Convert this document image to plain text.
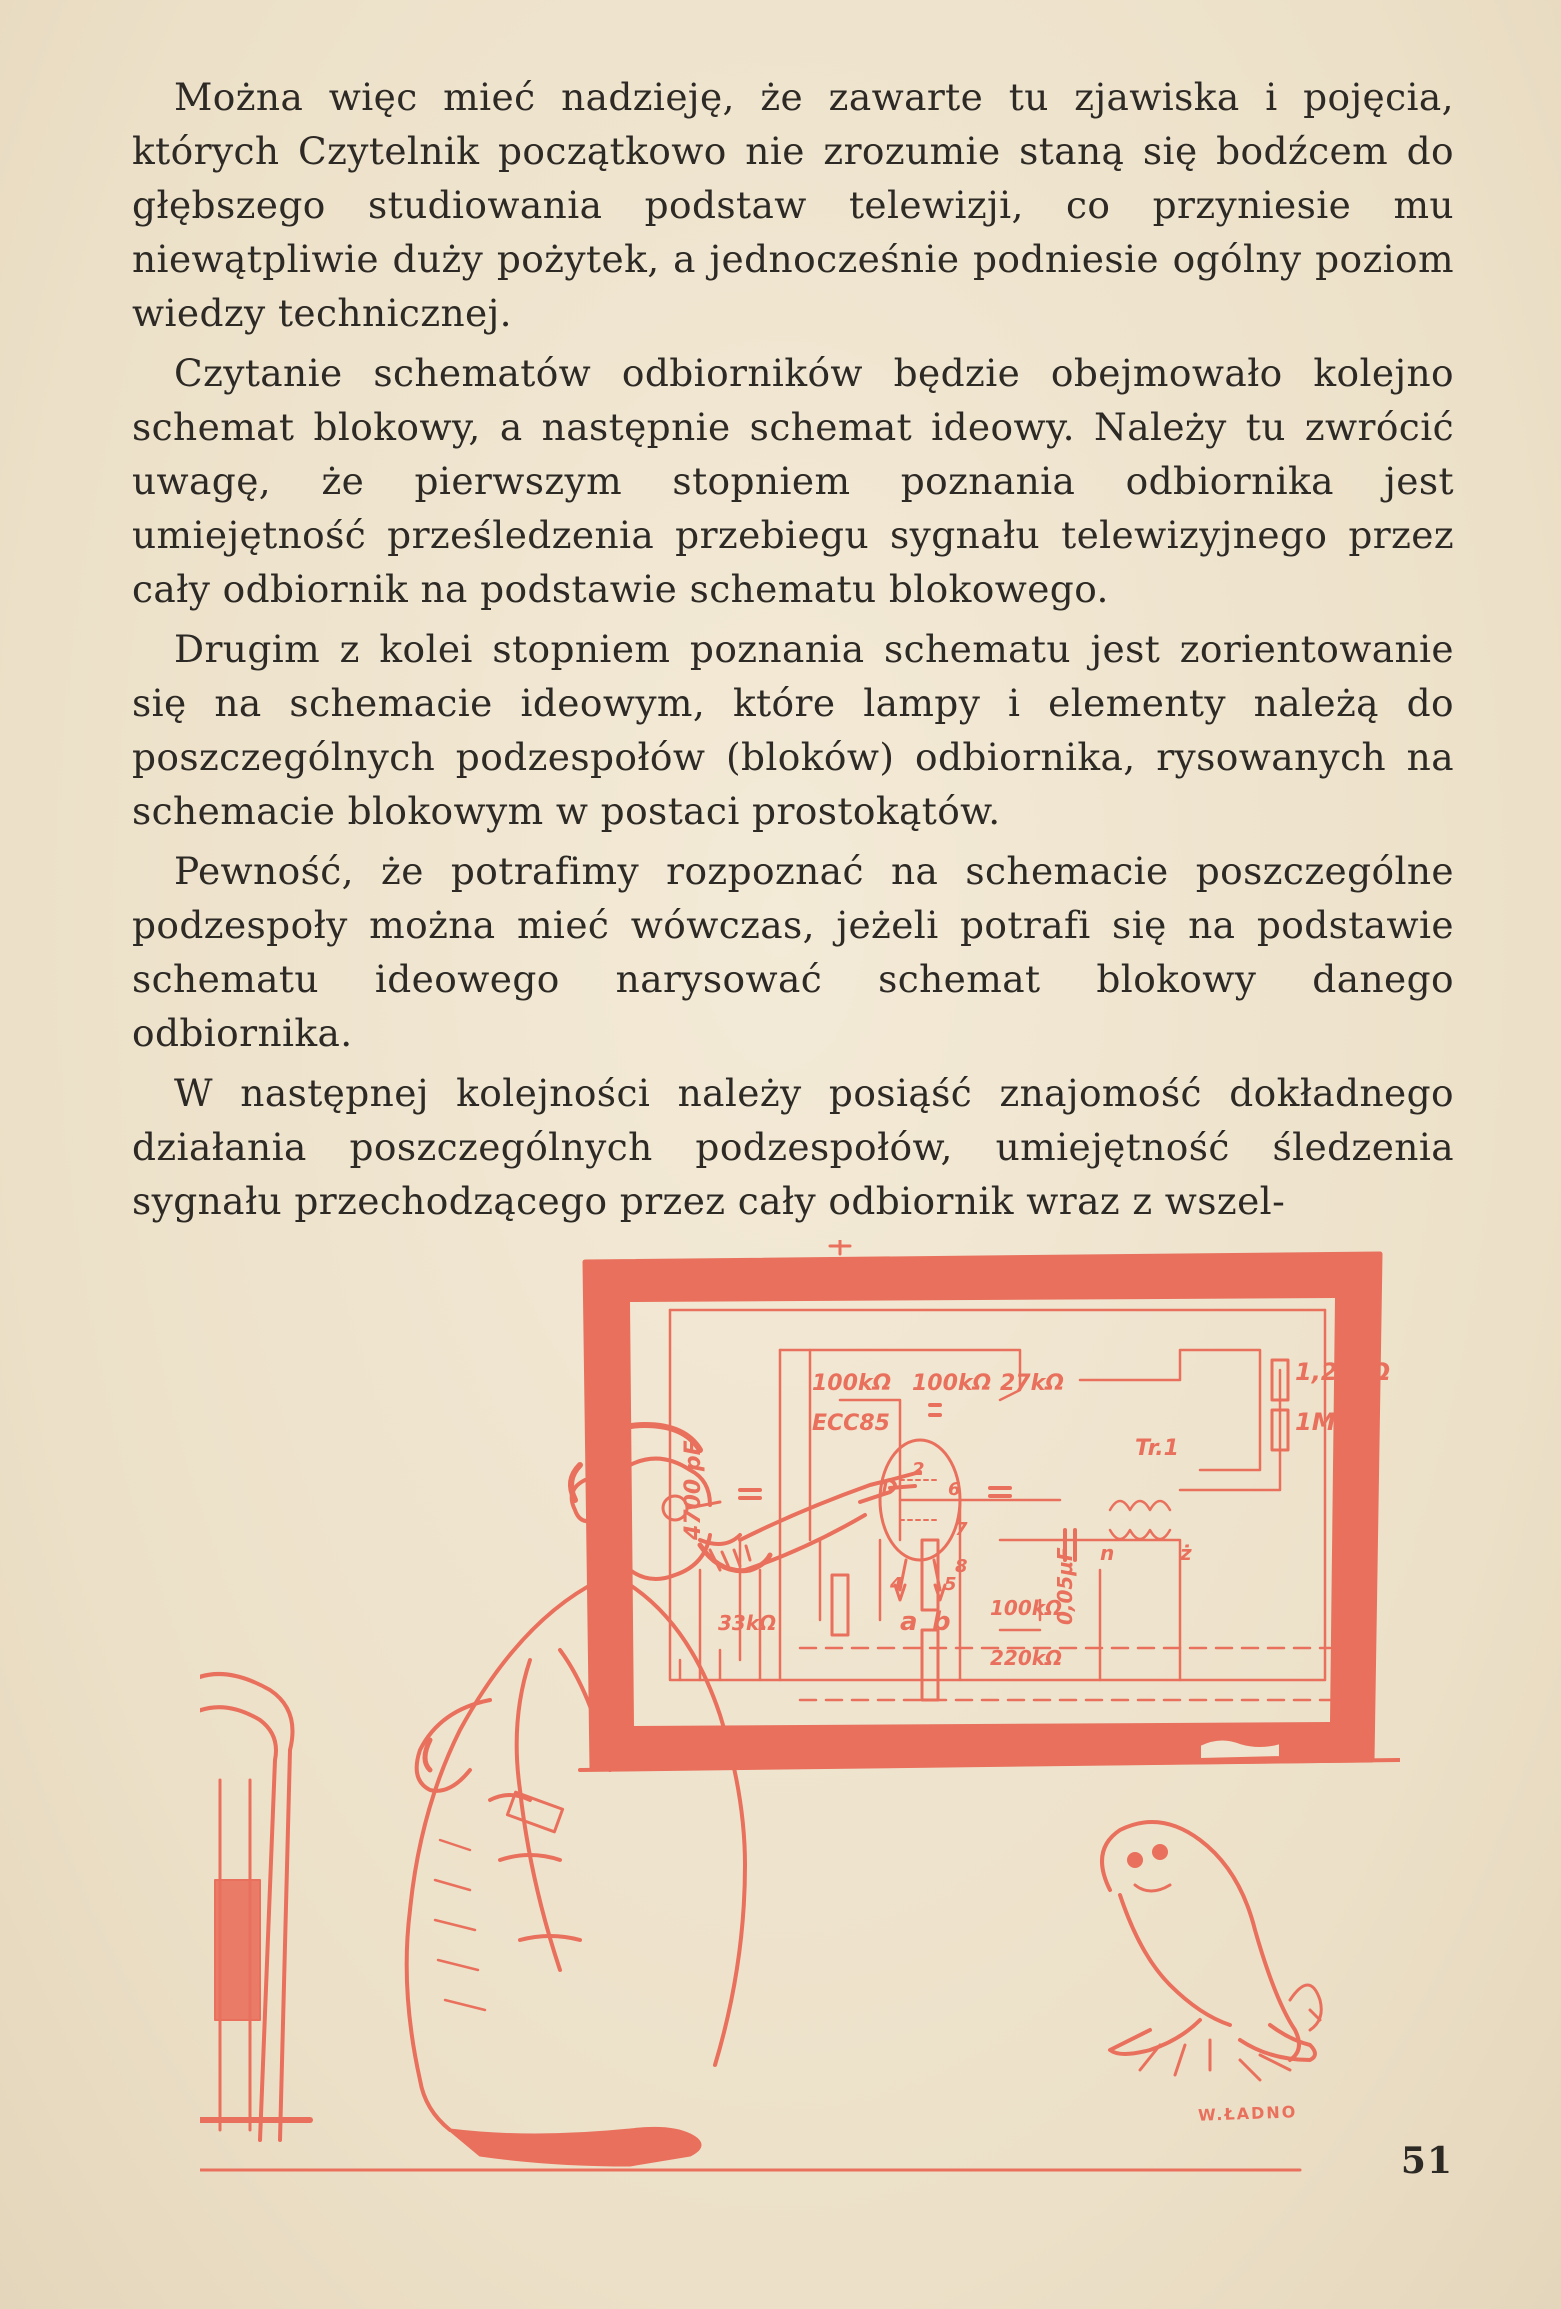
Można więc mieć nadzieję, że zawarte tu zjawiska i pojęcia, których Czytelnik początkowo nie zrozumie staną się bodźcem do głębszego studiowania podstaw telewizji, co przyniesie mu niewątpliwie duży pożytek, a jednocześnie podniesie ogólny poziom wiedzy technicznej.

Czytanie schematów odbiorników będzie obejmowało kolejno schemat blokowy, a następnie schemat ideowy. Należy tu zwrócić uwagę, że pierwszym stopniem poznania odbiornika jest umiejętność prześledzenia przebiegu sygnału telewizyjnego przez cały odbiornik na podstawie schematu blokowego.

Drugim z kolei stopniem poznania schematu jest zorientowanie się na schemacie ideowym, które lampy i elementy należą do poszczególnych podzespołów (bloków) odbiornika, rysowanych na schemacie blokowym w postaci prostokątów.

Pewność, że potrafimy rozpoznać na schemacie poszczególne podzespoły można mieć wówczas, jeżeli potrafi się na podstawie schematu ideowego narysować schemat blokowy danego odbiornika.

W następnej kolejności należy posiąść znajomość dokładnego działania poszczególnych podzespołów, umiejętność śledzenia sygnału przechodzącego przez cały odbiornik wraz z wszel-

100kΩ 100kΩ 27kΩ	1,2 MΩ
1MΩ
ECC85
4700 pF	Tr.1
33kΩ
100kΩ
220kΩ
0,05μF
a b
1
2
4 5
6
7
8
n	ż
W.ŁADNO
51
